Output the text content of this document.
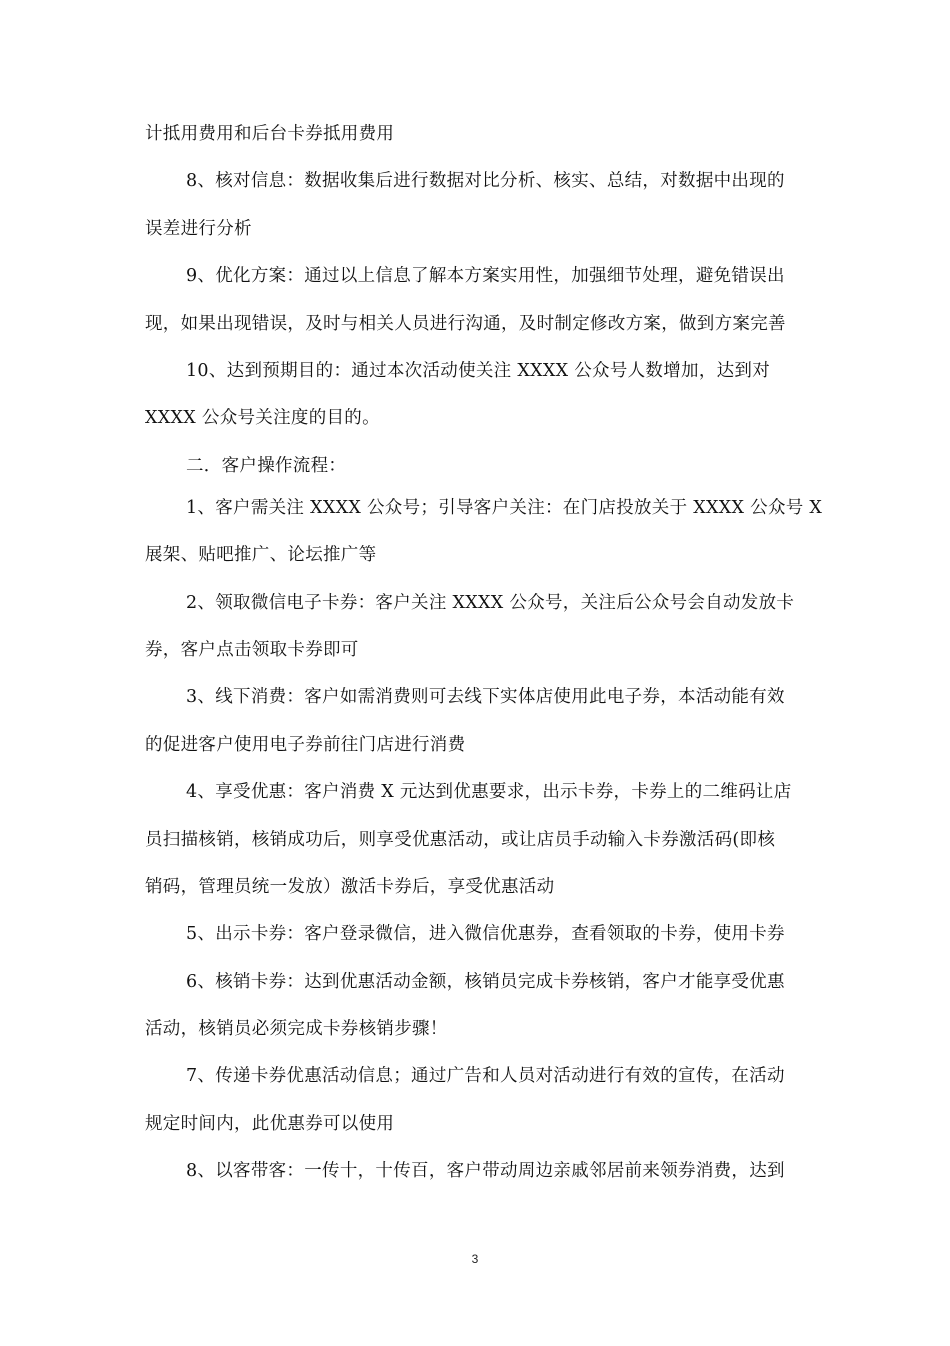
计抵用费用和后台卡券抵用费用
8、核对信息：数据收集后进行数据对比分析、核实、总结，对数据中出现的
误差进行分析
9、优化方案：通过以上信息了解本方案实用性，加强细节处理，避免错误出
现，如果出现错误，及时与相关人员进行沟通，及时制定修改方案，做到方案完善
10、达到预期目的：通过本次活动使关注 XXXX 公众号人数增加，达到对
XXXX 公众号关注度的目的。
二．客户操作流程：
1、客户需关注 XXXX 公众号；引导客户关注：在门店投放关于 XXXX 公众号 X
展架、贴吧推广、论坛推广等
2、领取微信电子卡券：客户关注 XXXX 公众号，关注后公众号会自动发放卡
券，客户点击领取卡券即可
3、线下消费：客户如需消费则可去线下实体店使用此电子券，本活动能有效
的促进客户使用电子券前往门店进行消费
4、享受优惠：客户消费 X 元达到优惠要求，出示卡券，卡券上的二维码让店
员扫描核销，核销成功后，则享受优惠活动，或让店员手动输入卡券激活码(即核
销码，管理员统一发放）激活卡券后，享受优惠活动
5、出示卡券：客户登录微信，进入微信优惠券，查看领取的卡券，使用卡券
6、核销卡券：达到优惠活动金额，核销员完成卡券核销，客户才能享受优惠
活动，核销员必须完成卡券核销步骤！
7、传递卡券优惠活动信息；通过广告和人员对活动进行有效的宣传，在活动
规定时间内，此优惠券可以使用
8、以客带客：一传十，十传百，客户带动周边亲戚邻居前来领券消费，达到
3
